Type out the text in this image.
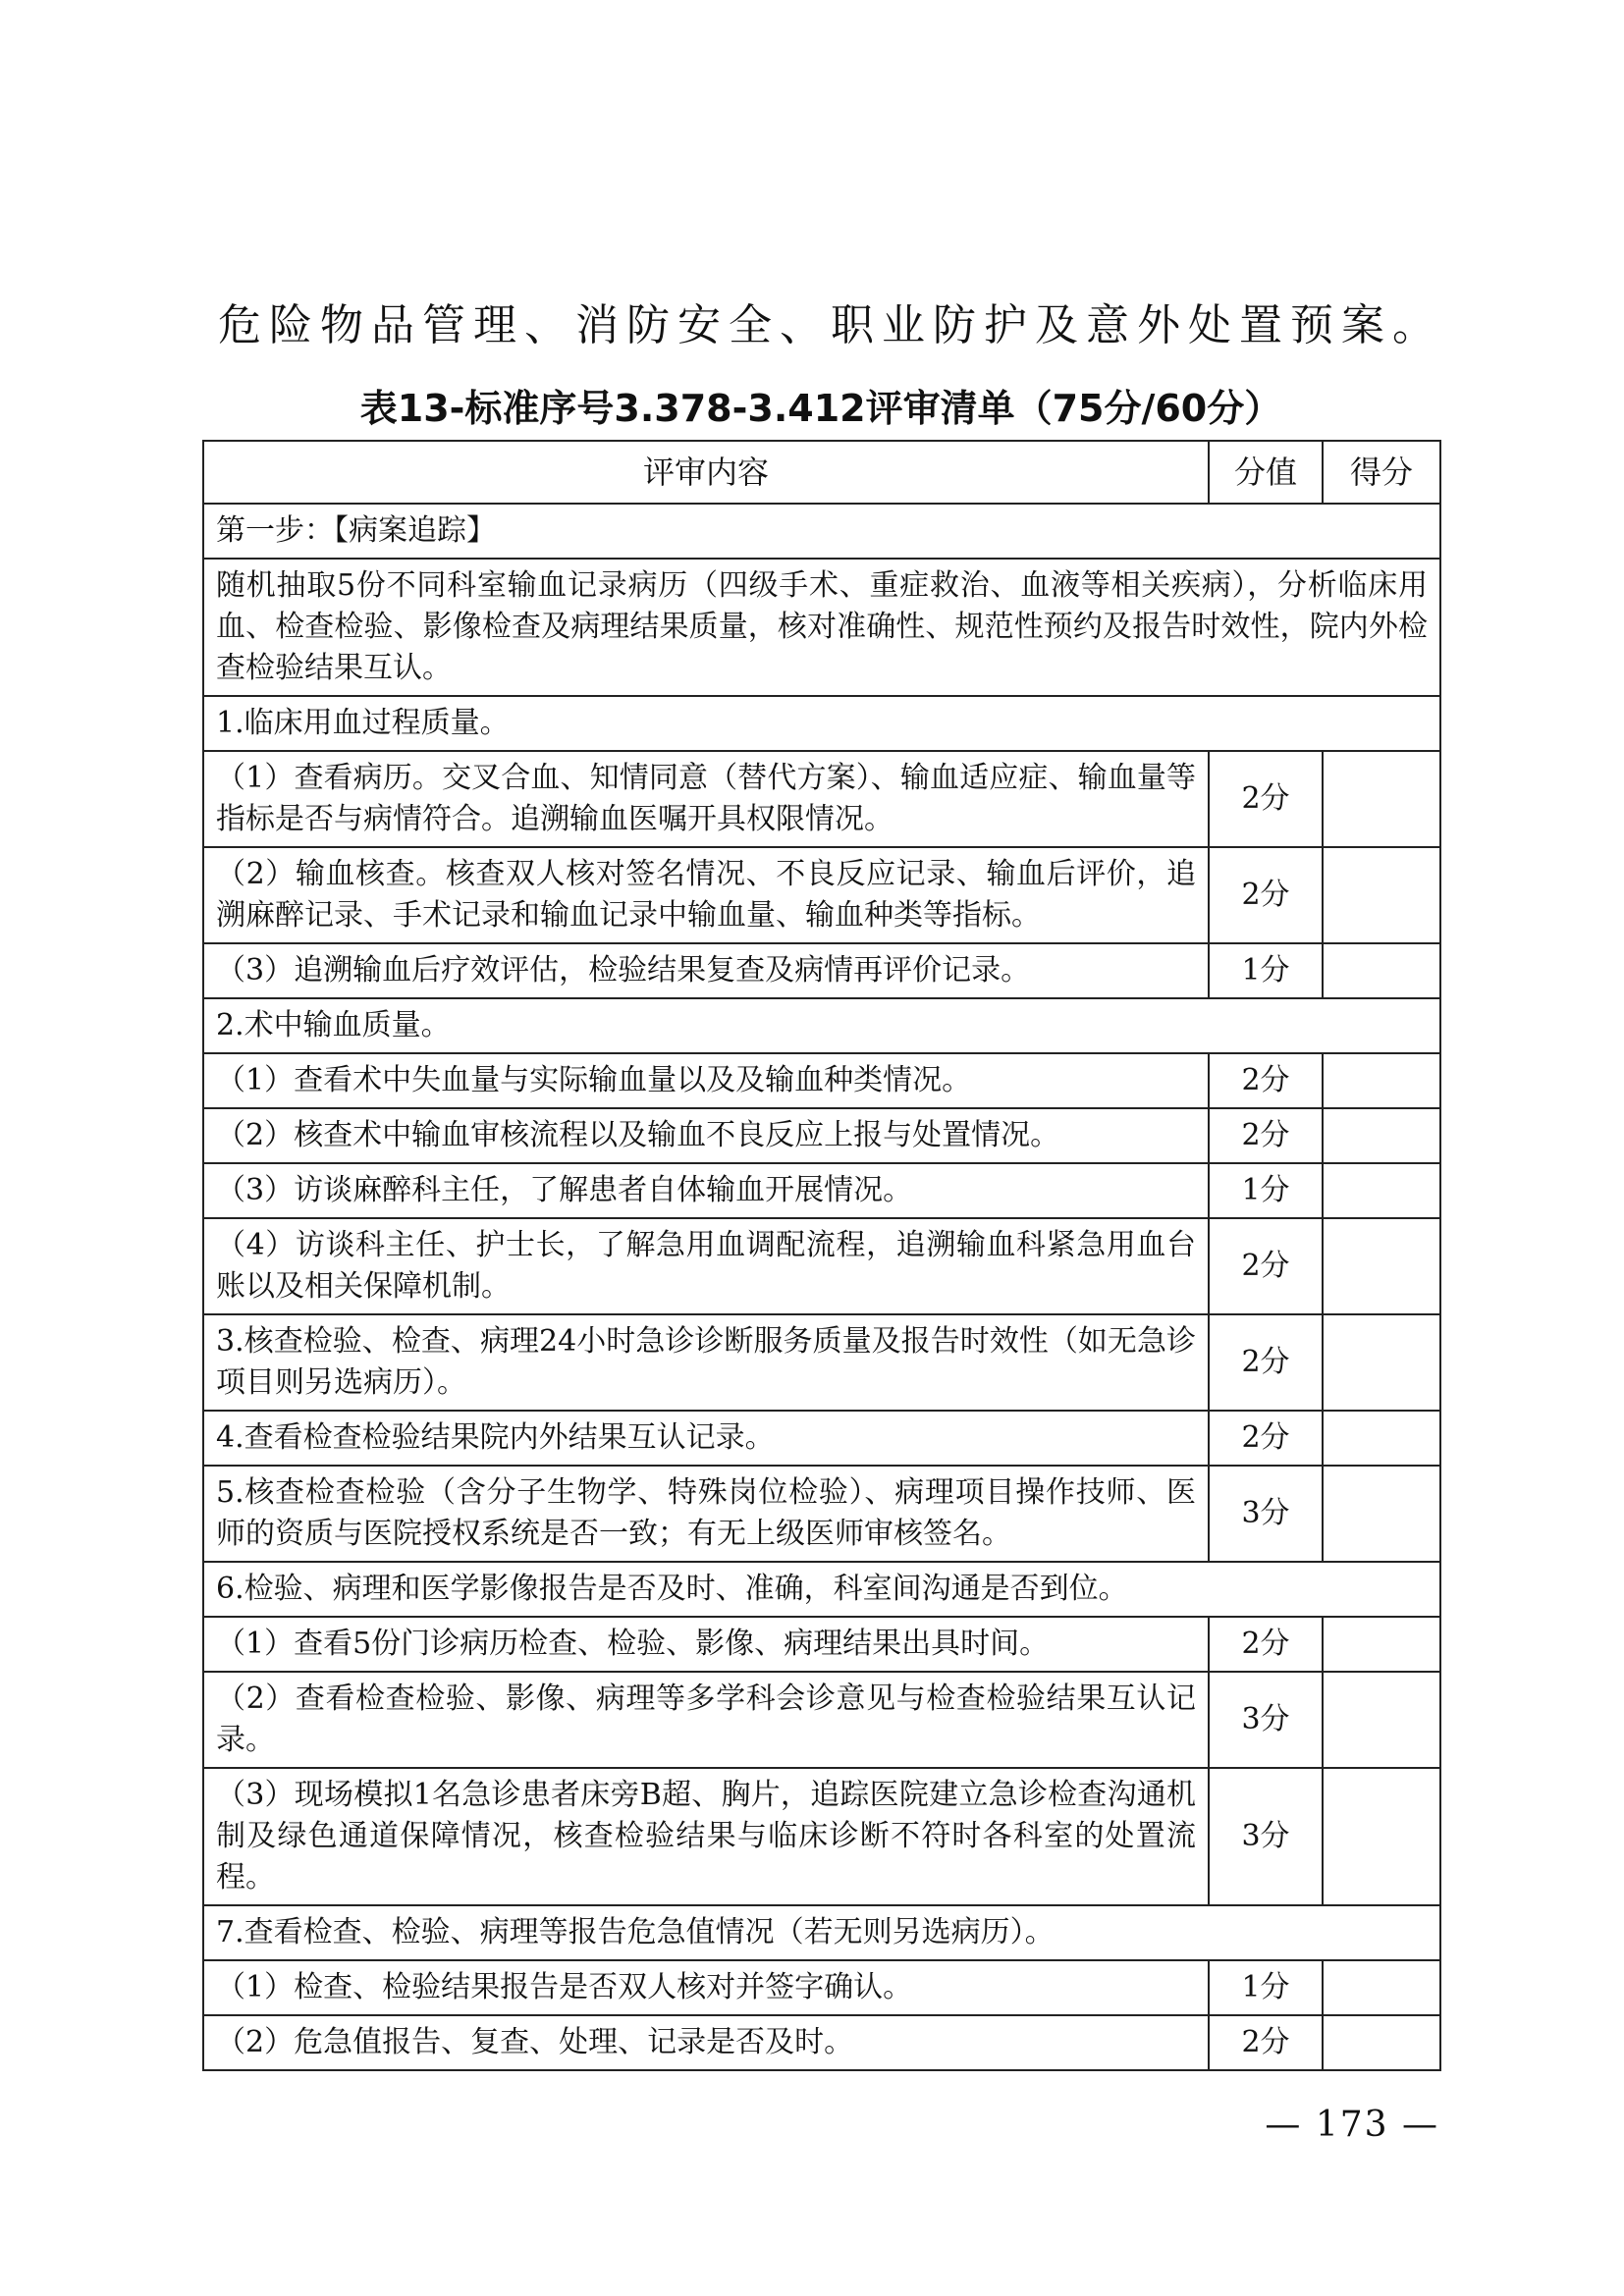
危险物品管理、消防安全、职业防护及意外处置预案。
表13-标准序号3.378-3.412评审清单（75分/60分）
评审内容	分值	得分
第一步：【病案追踪】		
随机抽取5份不同科室输血记录病历（四级手术、重症救治、血液等相关疾病），分析临床用血、检查检验、影像检查及病理结果质量，核对准确性、规范性预约及报告时效性，院内外检查检验结果互认。		
1.临床用血过程质量。		
（1）查看病历。交叉合血、知情同意（替代方案）、输血适应症、输血量等指标是否与病情符合。追溯输血医嘱开具权限情况。	2分	
（2）输血核查。核查双人核对签名情况、不良反应记录、输血后评价，追溯麻醉记录、手术记录和输血记录中输血量、输血种类等指标。	2分	
（3）追溯输血后疗效评估，检验结果复查及病情再评价记录。	1分	
2.术中输血质量。		
（1）查看术中失血量与实际输血量以及及输血种类情况。	2分	
（2）核查术中输血审核流程以及输血不良反应上报与处置情况。	2分	
（3）访谈麻醉科主任，了解患者自体输血开展情况。	1分	
（4）访谈科主任、护士长，了解急用血调配流程，追溯输血科紧急用血台账以及相关保障机制。	2分	
3.核查检验、检查、病理24小时急诊诊断服务质量及报告时效性（如无急诊项目则另选病历）。	2分	
4.查看检查检验结果院内外结果互认记录。	2分	
5.核查检查检验（含分子生物学、特殊岗位检验）、病理项目操作技师、医师的资质与医院授权系统是否一致；有无上级医师审核签名。	3分	
6.检验、病理和医学影像报告是否及时、准确，科室间沟通是否到位。		
（1）查看5份门诊病历检查、检验、影像、病理结果出具时间。	2分	
（2）查看检查检验、影像、病理等多学科会诊意见与检查检验结果互认记录。	3分	
（3）现场模拟1名急诊患者床旁B超、胸片，追踪医院建立急诊检查沟通机制及绿色通道保障情况，核查检验结果与临床诊断不符时各科室的处置流程。	3分	
7.查看检查、检验、病理等报告危急值情况（若无则另选病历）。		
（1）检查、检验结果报告是否双人核对并签字确认。	1分	
（2）危急值报告、复查、处理、记录是否及时。	2分	
— 173 —
